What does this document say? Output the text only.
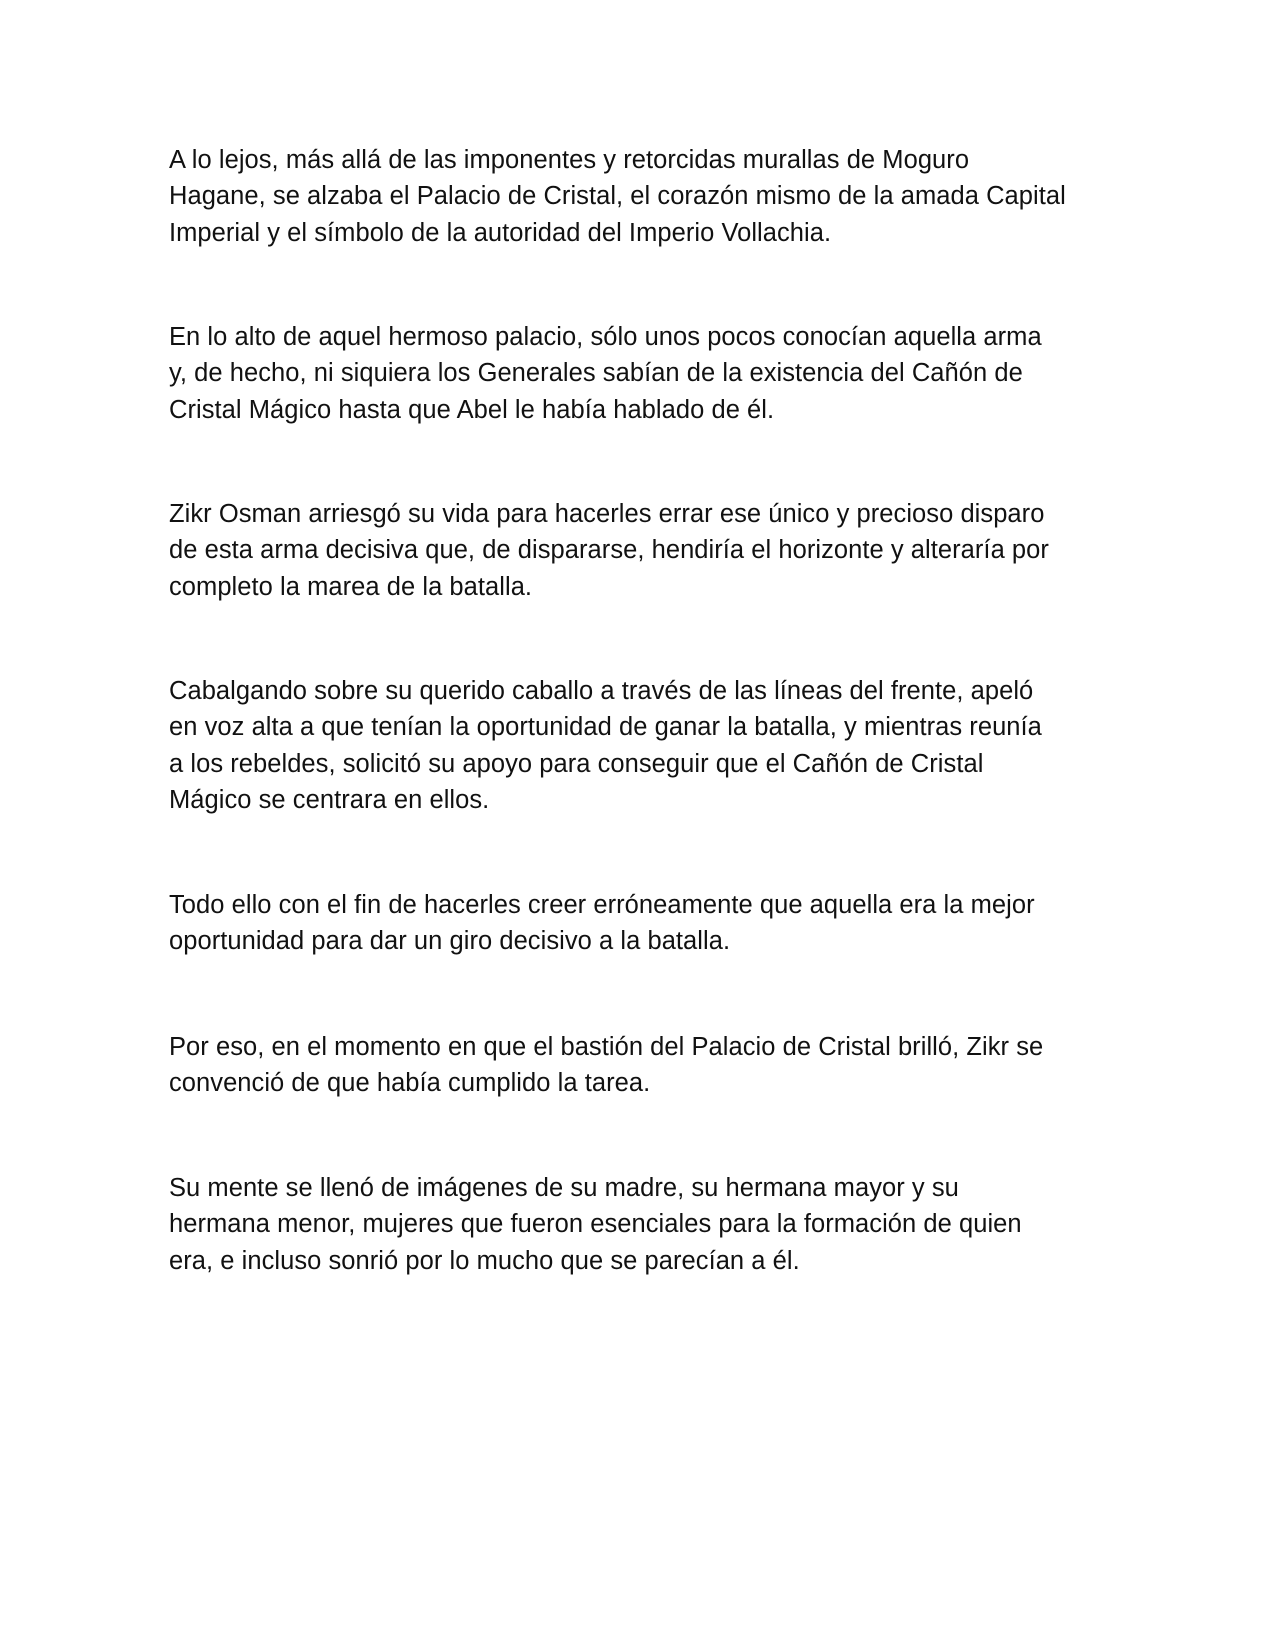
A lo lejos, más allá de las imponentes y retorcidas murallas de Moguro
Hagane, se alzaba el Palacio de Cristal, el corazón mismo de la amada Capital
Imperial y el símbolo de la autoridad del Imperio Vollachia.

En lo alto de aquel hermoso palacio, sólo unos pocos conocían aquella arma
y, de hecho, ni siquiera los Generales sabían de la existencia del Cañón de
Cristal Mágico hasta que Abel le había hablado de él.

Zikr Osman arriesgó su vida para hacerles errar ese único y precioso disparo
de esta arma decisiva que, de dispararse, hendiría el horizonte y alteraría por
completo la marea de la batalla.

Cabalgando sobre su querido caballo a través de las líneas del frente, apeló
en voz alta a que tenían la oportunidad de ganar la batalla, y mientras reunía
a los rebeldes, solicitó su apoyo para conseguir que el Cañón de Cristal
Mágico se centrara en ellos.

Todo ello con el fin de hacerles creer erróneamente que aquella era la mejor
oportunidad para dar un giro decisivo a la batalla.

Por eso, en el momento en que el bastión del Palacio de Cristal brilló, Zikr se
convenció de que había cumplido la tarea.

Su mente se llenó de imágenes de su madre, su hermana mayor y su
hermana menor, mujeres que fueron esenciales para la formación de quien
era, e incluso sonrió por lo mucho que se parecían a él.
